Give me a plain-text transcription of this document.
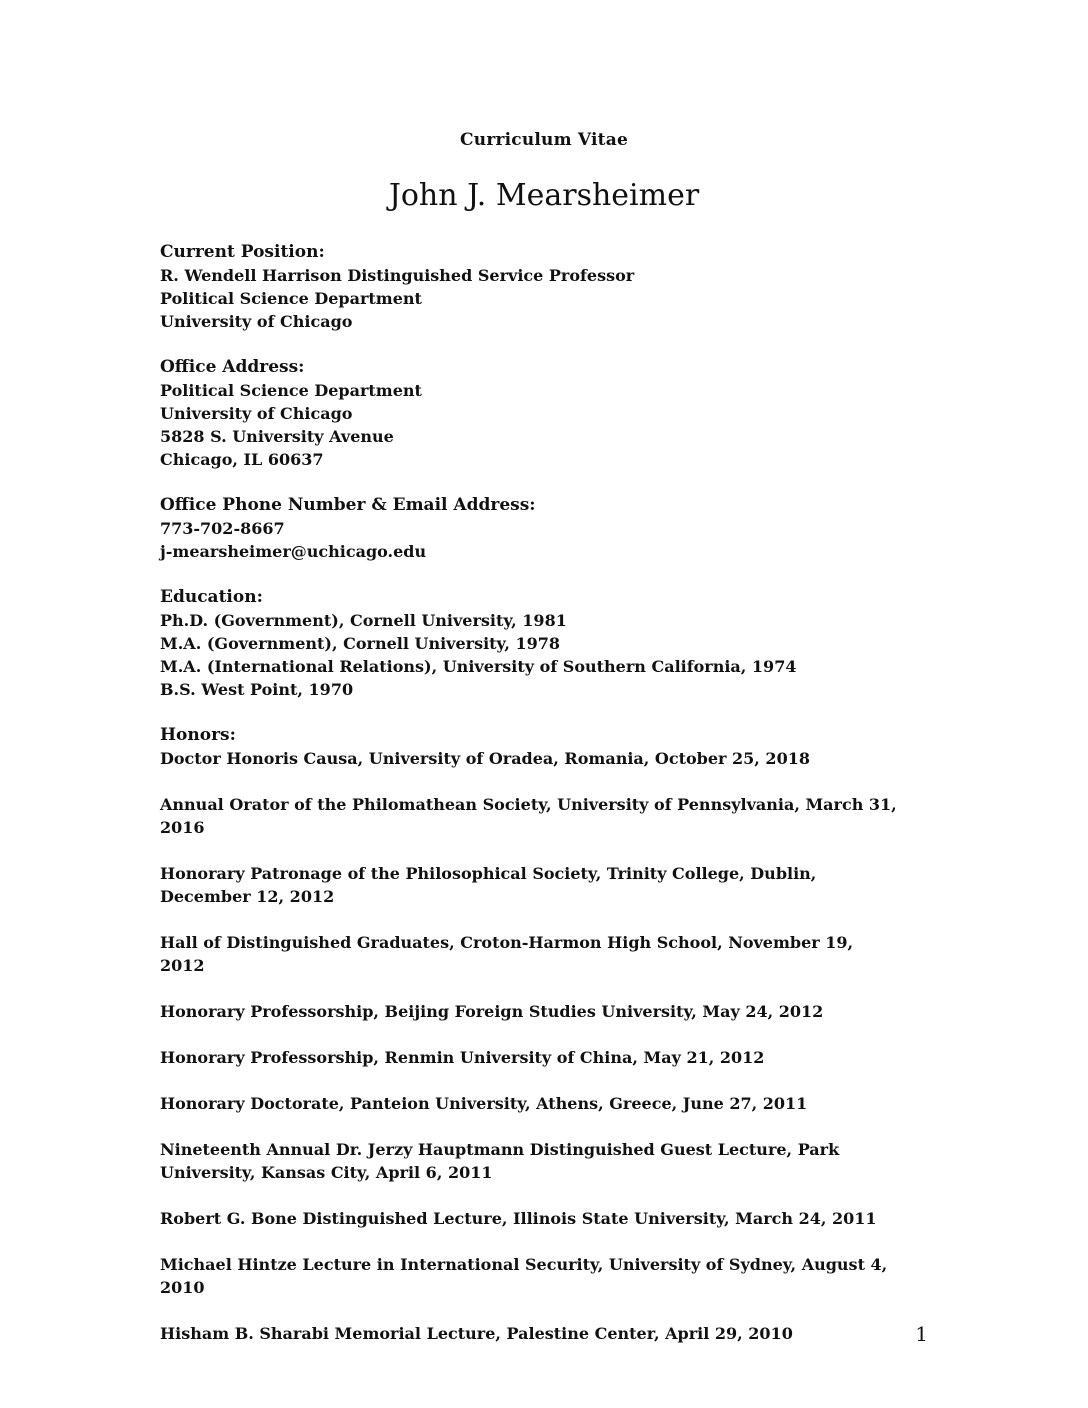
Curriculum Vitae
John J. Mearsheimer
Current Position:
R. Wendell Harrison Distinguished Service Professor
Political Science Department
University of Chicago
Office Address:
Political Science Department
University of Chicago
5828 S. University Avenue
Chicago, IL 60637
Office Phone Number & Email Address:
773-702-8667
j-mearsheimer@uchicago.edu
Education:
Ph.D. (Government), Cornell University, 1981
M.A. (Government), Cornell University, 1978
M.A. (International Relations), University of Southern California, 1974
B.S. West Point, 1970
Honors:
Doctor Honoris Causa, University of Oradea, Romania, October 25, 2018
Annual Orator of the Philomathean Society, University of Pennsylvania, March 31, 2016
Honorary Patronage of the Philosophical Society, Trinity College, Dublin, December 12, 2012
Hall of Distinguished Graduates, Croton-Harmon High School, November 19, 2012
Honorary Professorship, Beijing Foreign Studies University, May 24, 2012
Honorary Professorship, Renmin University of China, May 21, 2012
Honorary Doctorate, Panteion University, Athens, Greece, June 27, 2011
Nineteenth Annual Dr. Jerzy Hauptmann Distinguished Guest Lecture, Park University, Kansas City, April 6, 2011
Robert G. Bone Distinguished Lecture, Illinois State University, March 24, 2011
Michael Hintze Lecture in International Security, University of Sydney, August 4, 2010
Hisham B. Sharabi Memorial Lecture, Palestine Center, April 29, 2010	1
